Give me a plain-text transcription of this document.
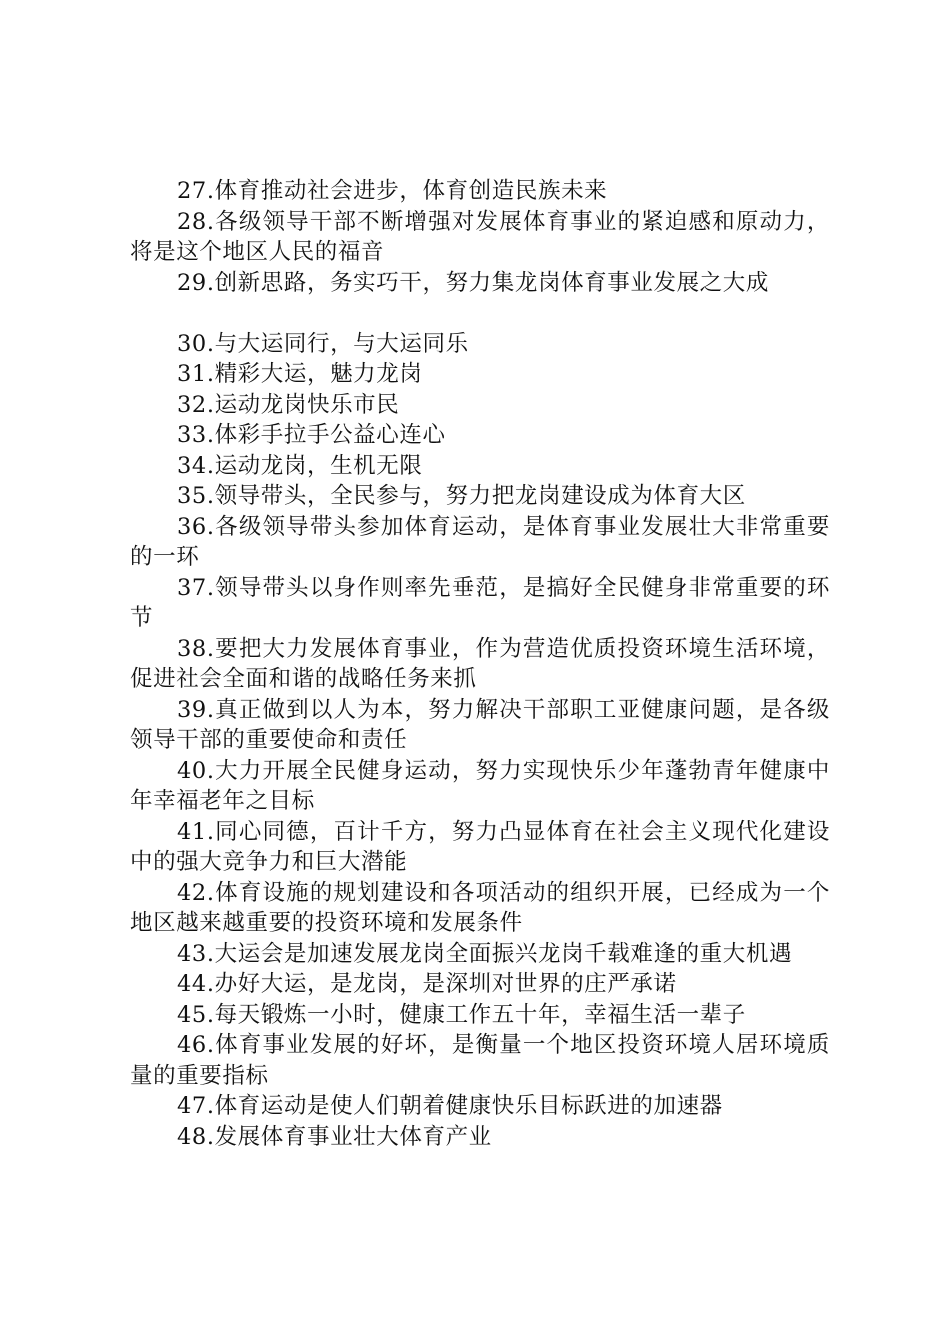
27.体育推动社会进步，体育创造民族未来

28.各级领导干部不断增强对发展体育事业的紧迫感和原动力，将是这个地区人民的福音

29.创新思路，务实巧干，努力集龙岗体育事业发展之大成

30.与大运同行，与大运同乐

31.精彩大运，魅力龙岗

32.运动龙岗快乐市民

33.体彩手拉手公益心连心

34.运动龙岗，生机无限

35.领导带头，全民参与，努力把龙岗建设成为体育大区

36.各级领导带头参加体育运动，是体育事业发展壮大非常重要的一环

37.领导带头以身作则率先垂范，是搞好全民健身非常重要的环节

38.要把大力发展体育事业，作为营造优质投资环境生活环境，促进社会全面和谐的战略任务来抓

39.真正做到以人为本，努力解决干部职工亚健康问题，是各级领导干部的重要使命和责任

40.大力开展全民健身运动，努力实现快乐少年蓬勃青年健康中年幸福老年之目标

41.同心同德，百计千方，努力凸显体育在社会主义现代化建设中的强大竞争力和巨大潜能

42.体育设施的规划建设和各项活动的组织开展，已经成为一个地区越来越重要的投资环境和发展条件

43.大运会是加速发展龙岗全面振兴龙岗千载难逢的重大机遇

44.办好大运，是龙岗，是深圳对世界的庄严承诺

45.每天锻炼一小时，健康工作五十年，幸福生活一辈子

46.体育事业发展的好坏，是衡量一个地区投资环境人居环境质量的重要指标

47.体育运动是使人们朝着健康快乐目标跃进的加速器

48.发展体育事业壮大体育产业
